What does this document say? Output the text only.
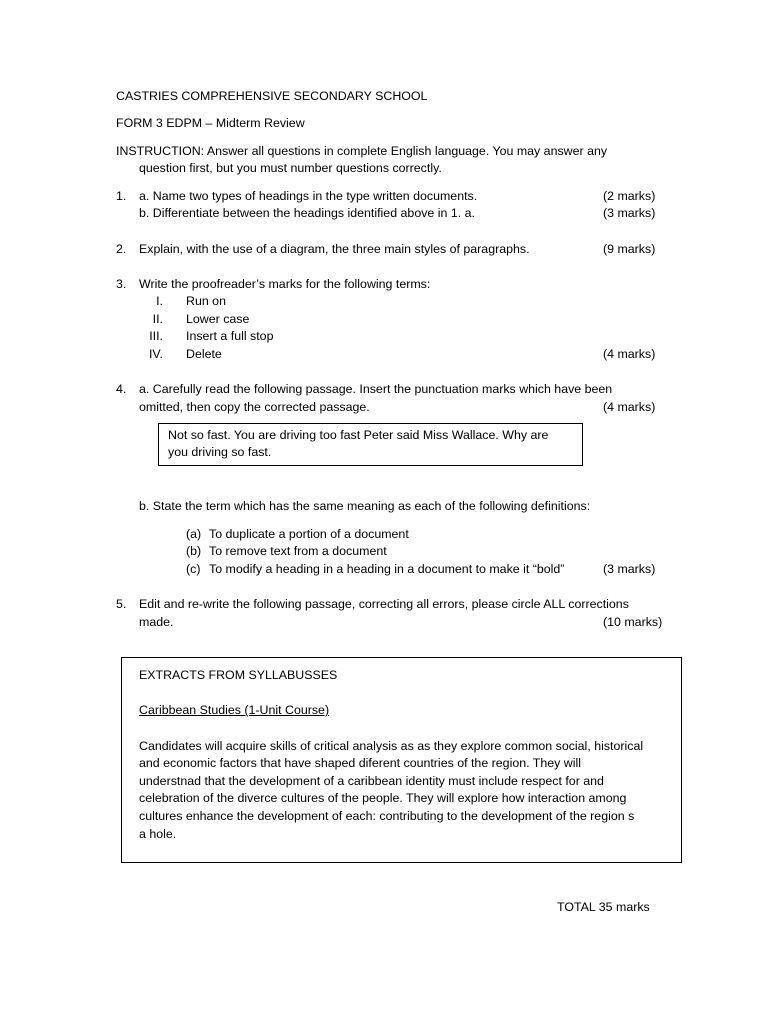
CASTRIES COMPREHENSIVE SECONDARY SCHOOL
FORM 3 EDPM – Midterm Review
INSTRUCTION: Answer all questions in complete English language. You may answer any
question first, but you must number questions correctly.
1. a. Name two types of headings in the type written documents.	(2 marks)
b. Differentiate between the headings identified above in 1. a.	(3 marks)
2. Explain, with the use of a diagram, the three main styles of paragraphs.	(9 marks)
3. Write the proofreader’s marks for the following terms:
I. Run on
II. Lower case
III. Insert a full stop
IV. Delete	(4 marks)
4. a. Carefully read the following passage. Insert the punctuation marks which have been
omitted, then copy the corrected passage.	(4 marks)
Not so fast. You are driving too fast Peter said Miss Wallace. Why are
you driving so fast.
b. State the term which has the same meaning as each of the following definitions:
(a) To duplicate a portion of a document
(b) To remove text from a document
(c) To modify a heading in a heading in a document to make it “bold”	(3 marks)
5. Edit and re-write the following passage, correcting all errors, please circle ALL corrections
made.	(10 marks)
EXTRACTS FROM SYLLABUSSES
Caribbean Studies (1-Unit Course)
Candidates will acquire skills of critical analysis as as they explore common social, historical
and economic factors that have shaped diferent countries of the region. They will
understnad that the development of a caribbean identity must include respect for and
celebration of the diverce cultures of the people. They will explore how interaction among
cultures enhance the development of each: contributing to the development of the region s
a hole.
TOTAL 35 marks
